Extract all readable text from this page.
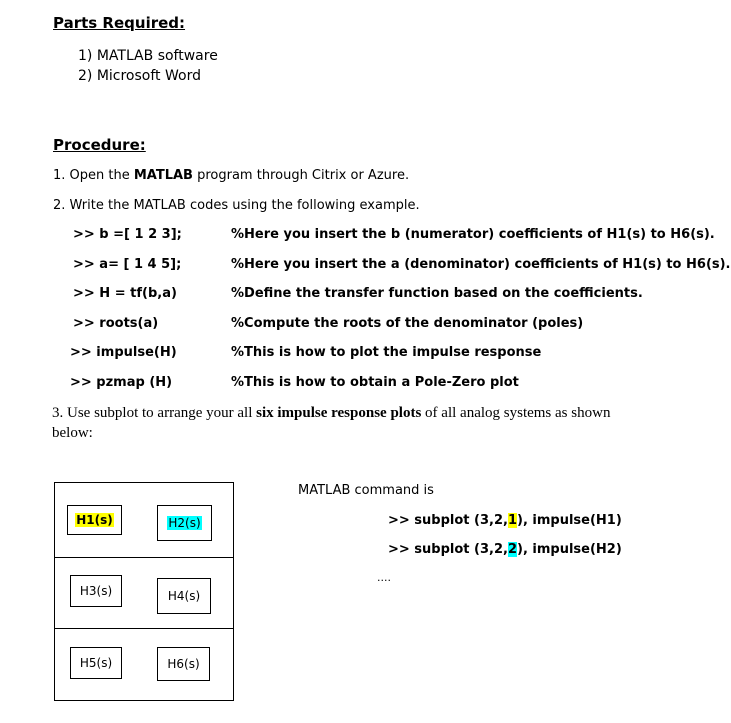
Parts Required:
1) MATLAB software
2) Microsoft Word
Procedure:
1. Open the MATLAB program through Citrix or Azure.
2. Write the MATLAB codes using the following example.
>> b =[ 1 2 3];	%Here you insert the b (numerator) coefficients of H1(s) to H6(s).
>> a= [ 1 4 5];	%Here you insert the a (denominator) coefficients of H1(s) to H6(s).
>> H = tf(b,a)	%Define the transfer function based on the coefficients.
>> roots(a)	%Compute the roots of the denominator (poles)
>> impulse(H)	%This is how to plot the impulse response
>> pzmap (H)	%This is how to obtain a Pole-Zero plot
3. Use subplot to arrange your all six impulse response plots of all analog systems as shown below:
H1(s)	H2(s)
H3(s)	H4(s)
H5(s)	H6(s)
MATLAB command is
>> subplot (3,2,1), impulse(H1)
>> subplot (3,2,2), impulse(H2)
....
